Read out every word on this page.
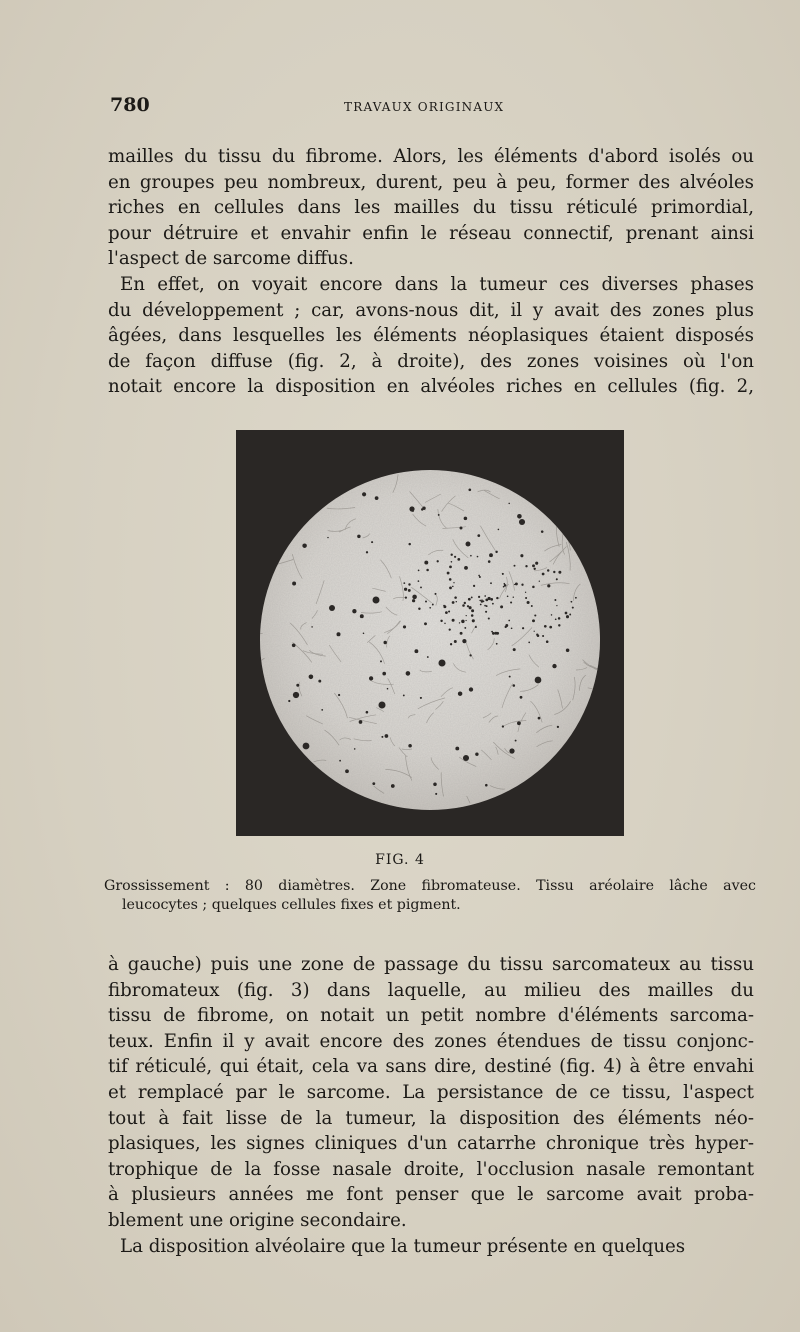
780	TRAVAUX ORIGINAUX
mailles du tissu du fibrome. Alors, les éléments d'abord isolés ou
en groupes peu nombreux, durent, peu à peu, former des alvéoles
riches en cellules dans les mailles du tissu réticulé primordial,
pour détruire et envahir enfin le réseau connectif, prenant ainsi
l'aspect de sarcome diffus.
En effet, on voyait encore dans la tumeur ces diverses phases
du développement ; car, avons-nous dit, il y avait des zones plus
âgées, dans lesquelles les éléments néoplasiques étaient disposés
de façon diffuse (fig. 2, à droite), des zones voisines où l'on
notait encore la disposition en alvéoles riches en cellules (fig. 2,
FIG. 4
Grossissement : 80 diamètres. Zone fibromateuse. Tissu aréolaire lâche avec
leucocytes ; quelques cellules fixes et pigment.
à gauche) puis une zone de passage du tissu sarcomateux au tissu
fibromateux (fig. 3) dans laquelle, au milieu des mailles du
tissu de fibrome, on notait un petit nombre d'éléments sarcoma-
teux. Enfin il y avait encore des zones étendues de tissu conjonc-
tif réticulé, qui était, cela va sans dire, destiné (fig. 4) à être envahi
et remplacé par le sarcome. La persistance de ce tissu, l'aspect
tout à fait lisse de la tumeur, la disposition des éléments néo-
plasiques, les signes cliniques d'un catarrhe chronique très hyper-
trophique de la fosse nasale droite, l'occlusion nasale remontant
à plusieurs années me font penser que le sarcome avait proba-
blement une origine secondaire.
La disposition alvéolaire que la tumeur présente en quelques
